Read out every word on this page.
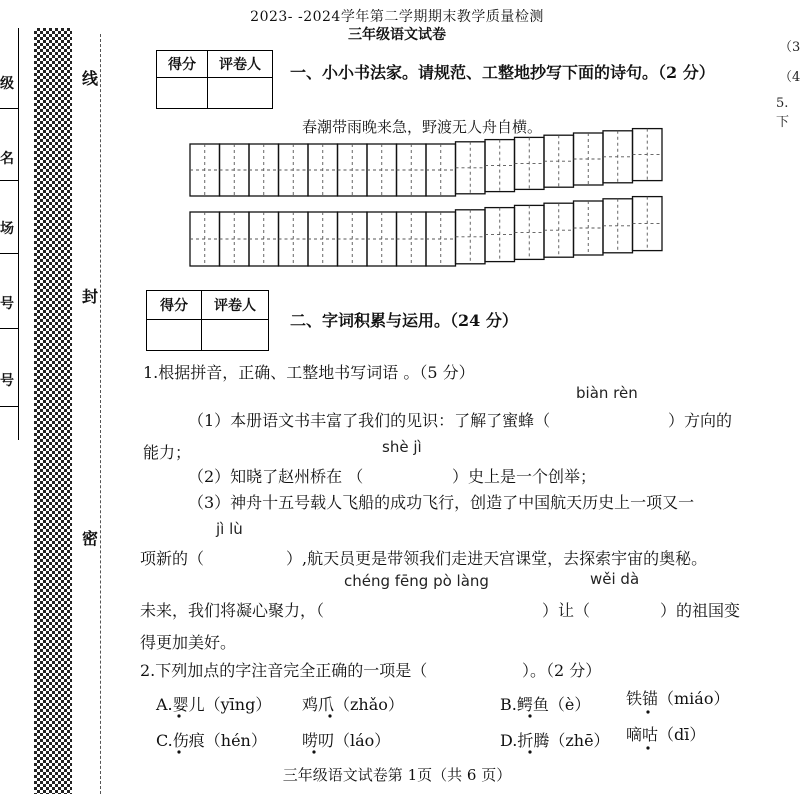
2023- -2024学年第二学期期末教学质量检测
三年级语文试卷
级
名
场
号
号
线
封
密
（3
（4
5.下
得分	评卷人
	一、小小书法家。请规范、工整地抄写下面的诗句。（2 分）
春潮带雨晚来急，野渡无人舟自横。
得分	评卷人

二、字词积累与运用。（24 分）
1.根据拼音，正确、工整地书写词语 。（5 分）
biàn rèn
（1）本册语文书丰富了我们的见识：了解了蜜蜂（	）方向的
能力；	shè jì
（2）知晓了赵州桥在 （	）史上是一个创举；
（3）神舟十五号载人飞船的成功飞行，创造了中国航天历史上一项又一
jì lù
项新的（	）,航天员更是带领我们走进天宫课堂，去探索宇宙的奥秘。
chéng fēng pò làng	wěi dà
未来，我们将凝心聚力，（	）让（	）的祖国变
得更加美好。
2.下列加点的字注音完全正确的一项是（	）。（2 分）
A.婴儿（yīng） 鸡爪（zhǎo）	B.鳄鱼（è） 铁锚（miáo）
C.伤痕（hén） 唠叨（láo）	D.折腾（zhē） 嘀咕（dī）
三年级语文试卷第 1页（共 6 页）
